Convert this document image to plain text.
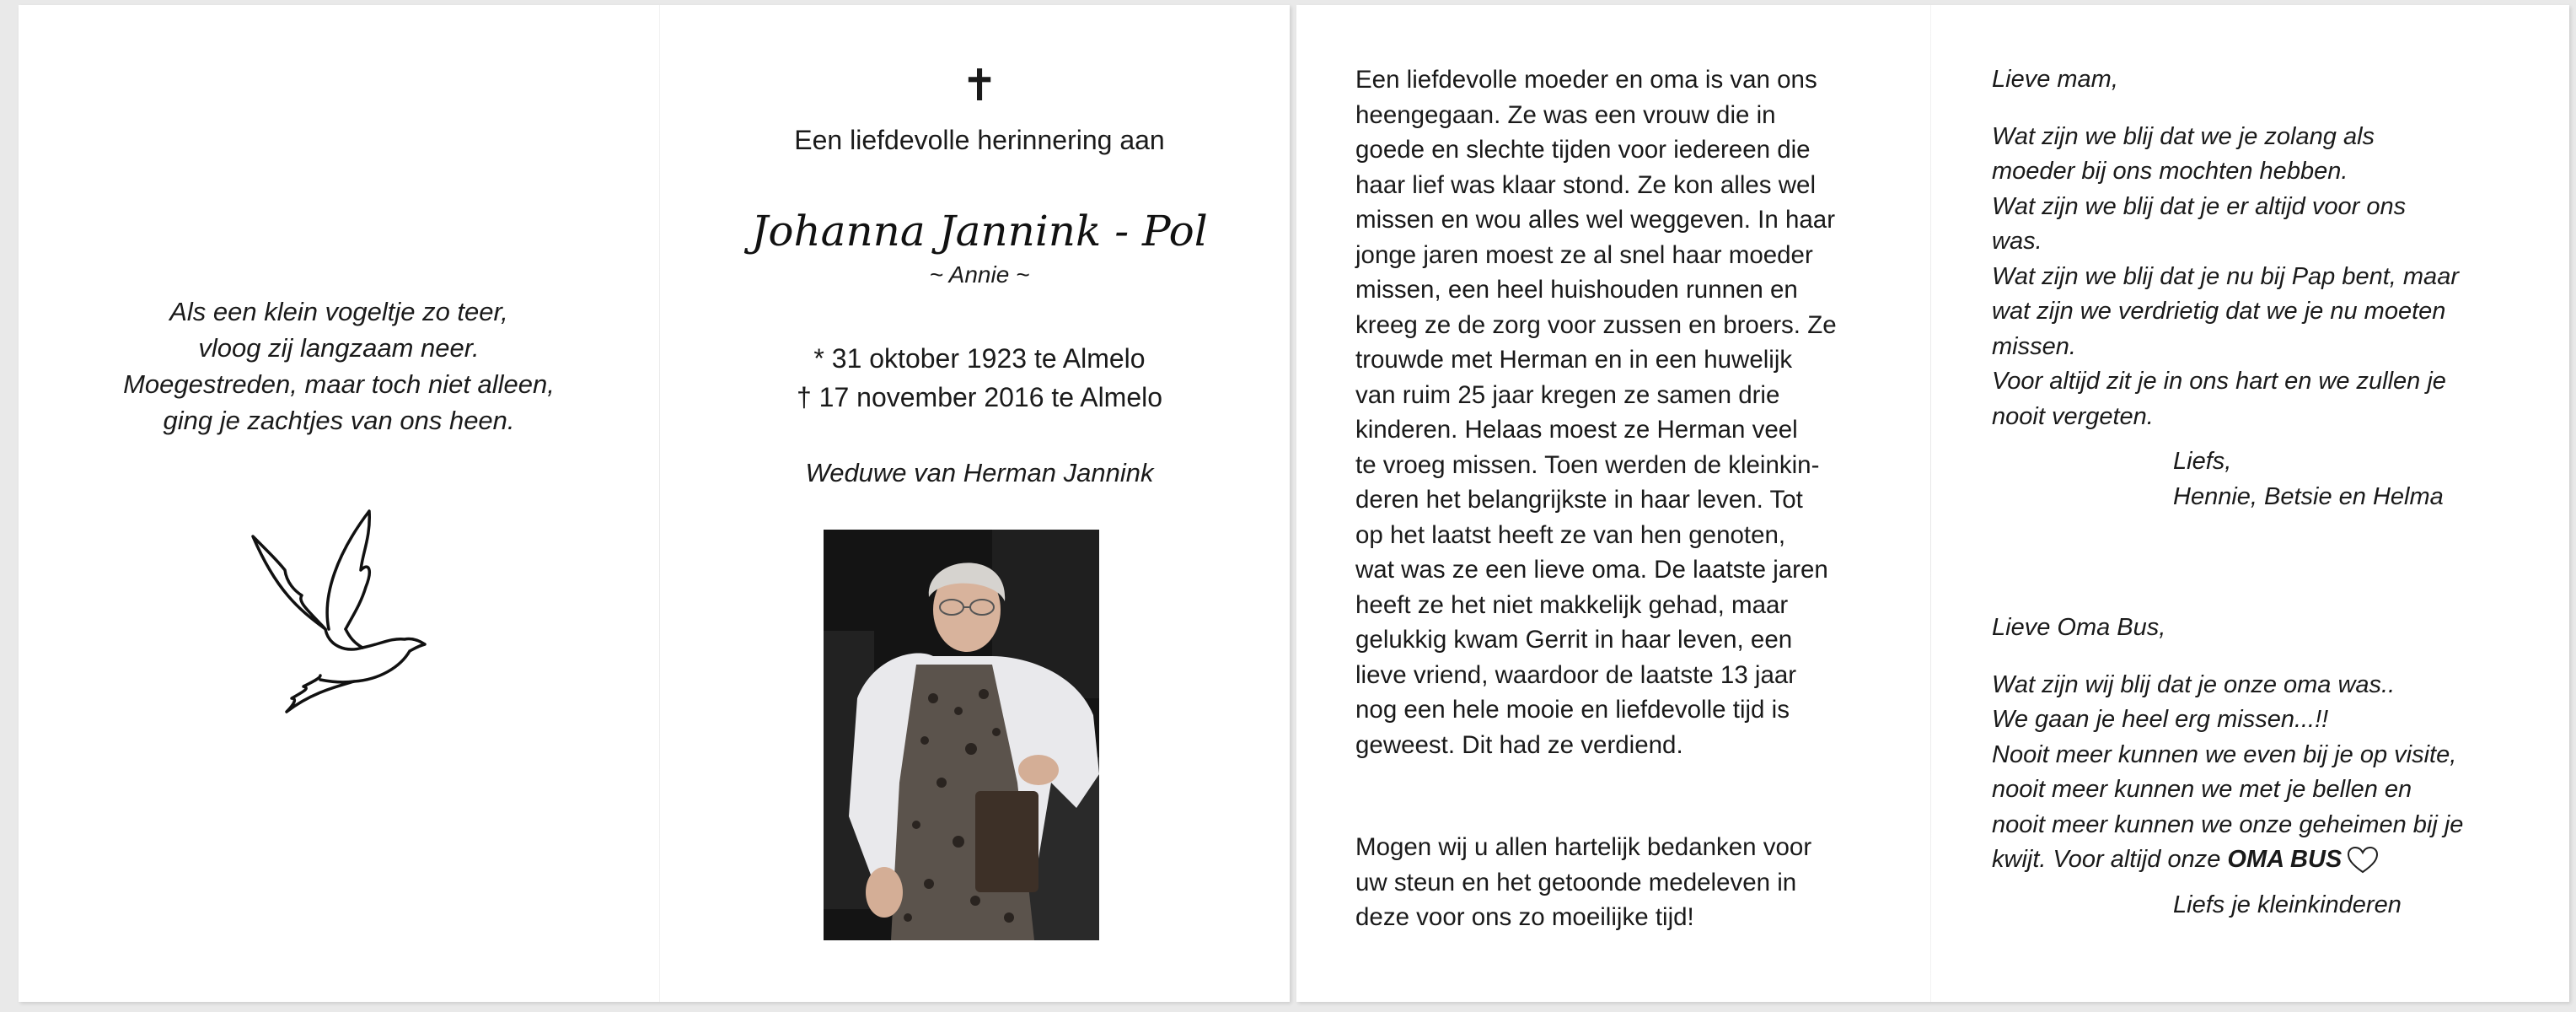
Als een klein vogeltje zo teer,
vloog zij langzaam neer.
Moegestreden, maar toch niet alleen,
ging je zachtjes van ons heen.
✝
Een liefdevolle herinnering aan
Johanna Jannink - Pol
~ Annie ~
* 31 oktober 1923 te Almelo
† 17 november 2016 te Almelo
Weduwe van Herman Jannink
Een liefdevolle moeder en oma is van ons
heengegaan. Ze was een vrouw die in
goede en slechte tijden voor iedereen die
haar lief was klaar stond. Ze kon alles wel
missen en wou alles wel weggeven. In haar
jonge jaren moest ze al snel haar moeder
missen, een heel huishouden runnen en
kreeg ze de zorg voor zussen en broers. Ze
trouwde met Herman en in een huwelijk
van ruim 25 jaar kregen ze samen drie
kinderen. Helaas moest ze Herman veel
te vroeg missen. Toen werden de kleinkin-
deren het belangrijkste in haar leven. Tot
op het laatst heeft ze van hen genoten,
wat was ze een lieve oma. De laatste jaren
heeft ze het niet makkelijk gehad, maar
gelukkig kwam Gerrit in haar leven, een
lieve vriend, waardoor de laatste 13 jaar
nog een hele mooie en liefdevolle tijd is
geweest. Dit had ze verdiend.
Mogen wij u allen hartelijk bedanken voor
uw steun en het getoonde medeleven in
deze voor ons zo moeilijke tijd!
Lieve mam,
Wat zijn we blij dat we je zolang als
moeder bij ons mochten hebben.
Wat zijn we blij dat je er altijd voor ons
was.
Wat zijn we blij dat je nu bij Pap bent, maar
wat zijn we verdrietig dat we je nu moeten
missen.
Voor altijd zit je in ons hart en we zullen je
nooit vergeten.
Liefs,
Hennie, Betsie en Helma
Lieve Oma Bus,
Wat zijn wij blij dat je onze oma was..
We gaan je heel erg missen...!!
Nooit meer kunnen we even bij je op visite,
nooit meer kunnen we met je bellen en
nooit meer kunnen we onze geheimen bij je
kwijt. Voor altijd onze OMA BUS
Liefs je kleinkinderen
